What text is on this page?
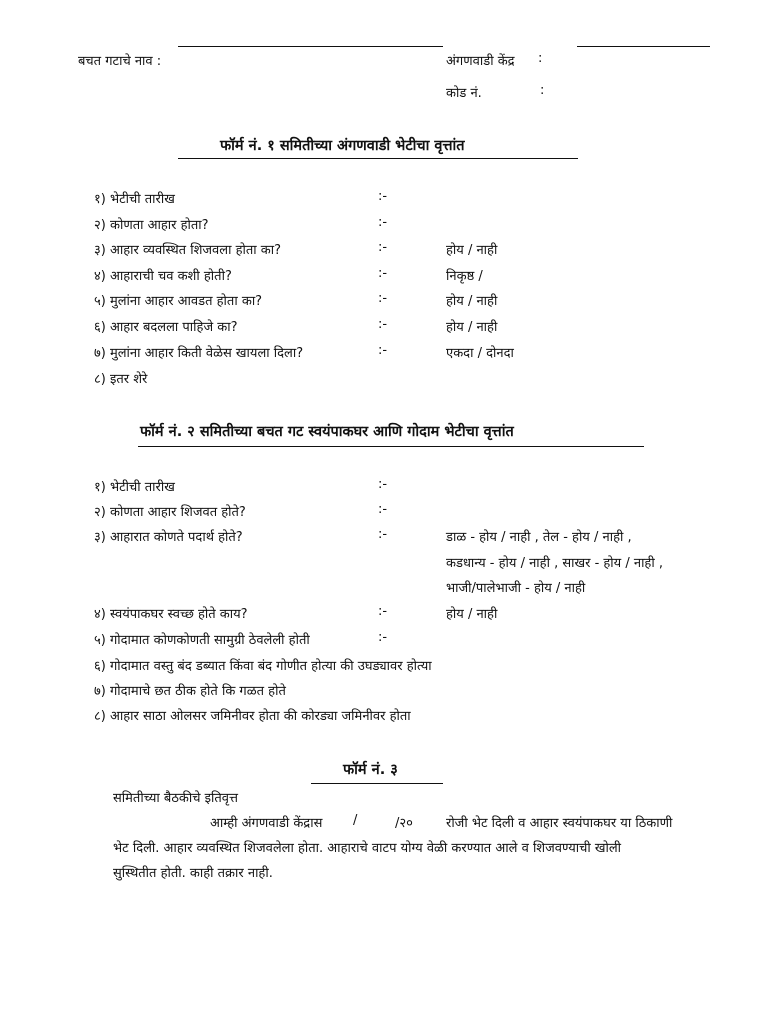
बचत गटाचे नाव :	अंगणवाडी केंद्र :
कोड नं.	:
फॉर्म नं. १ समितीच्या अंगणवाडी भेटीचा वृत्तांत
१) भेटीची तारीख	:-
२) कोणता आहार होता?	:-
३) आहार व्यवस्थित शिजवला होता का?	:-	होय / नाही
४) आहाराची चव कशी होती?	:-	निकृष्ठ /
५) मुलांना आहार आवडत होता का?	:-	होय / नाही
६) आहार बदलला पाहिजे का?	:-	होय / नाही
७) मुलांना आहार किती वेळेस खायला दिला?	:-	एकदा / दोनदा
८) इतर शेरे
फॉर्म नं. २ समितीच्या बचत गट स्वयंपाकघर आणि गोदाम भेटीचा वृत्तांत
१) भेटीची तारीख	:-
२) कोणता आहार शिजवत होते?	:-
३) आहारात कोणते पदार्थ होते?	:-	डाळ - होय / नाही , तेल - होय / नाही ,
कडधान्य - होय / नाही , साखर - होय / नाही ,
भाजी/पालेभाजी - होय / नाही
४) स्वयंपाकघर स्वच्छ होते काय?	:-	होय / नाही
५) गोदामात कोणकोणती सामुग्री ठेवलेली होती	:-
६) गोदामात वस्तु बंद डब्यात किंवा बंद गोणीत होत्या की उघड्यावर होत्या
७) गोदामाचे छत ठीक होते कि गळत होते
८) आहार साठा ओलसर जमिनीवर होता की कोरड्या जमिनीवर होता
फॉर्म नं. ३
समितीच्या बैठकीचे इतिवृत्त
आम्ही अंगणवाडी केंद्रास /	/२०	रोजी भेट दिली व आहार स्वयंपाकघर या ठिकाणी
भेट दिली. आहार व्यवस्थित शिजवलेला होता. आहाराचे वाटप योग्य वेळी करण्यात आले व शिजवण्याची खोली
सुस्थितीत होती. काही तक्रार नाही.
